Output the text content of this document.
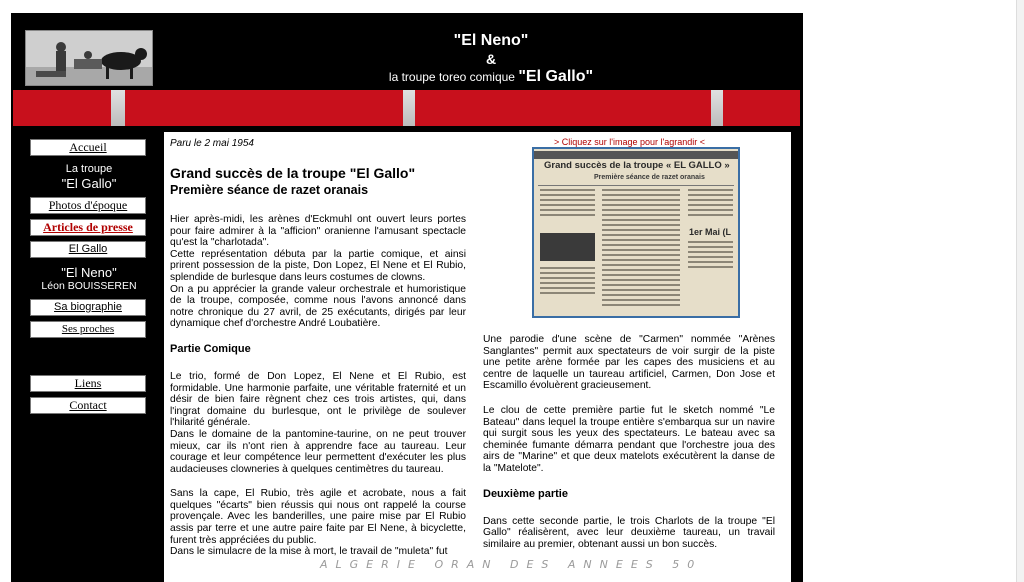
"El Neno"
&
la troupe toreo comique "El Gallo"
Accueil
La troupe
"El Gallo"
Photos d'époque
Articles de presse
El Gallo
"El Neno"
Léon BOUISSEREN
Sa biographie
Ses proches
Liens
Contact
Paru le 2 mai 1954
Grand succès de la troupe "El Gallo"
Première séance de razet oranais

Hier après-midi, les arènes d'Eckmuhl ont ouvert leurs portes pour faire admirer à la "afficion" oranienne l'amusant spectacle qu'est la "charlotada".

Cette représentation débuta par la partie comique, et ainsi prirent possession de la piste, Don Lopez, El Nene et El Rubio, splendide de burlesque dans leurs costumes de clowns.

On a pu apprécier la grande valeur orchestrale et humoristique de la troupe, composée, comme nous l'avons annoncé dans notre chronique du 27 avril, de 25 exécutants, dirigés par leur dynamique chef d'orchestre André Loubatière.

Partie Comique

Le trio, formé de Don Lopez, El Nene et El Rubio, est formidable. Une harmonie parfaite, une véritable fraternité et un désir de bien faire règnent chez ces trois artistes, qui, dans l'ingrat domaine du burlesque, ont le privilège de soulever l'hilarité générale.

Dans le domaine de la pantomine-taurine, on ne peut trouver mieux, car ils n'ont rien à apprendre face au taureau. Leur courage et leur compétence leur permettent d'exécuter les plus audacieuses clowneries à quelques centimètres du taureau.

Sans la cape, El Rubio, très agile et acrobate, nous a fait quelques "écarts" bien réussis qui nous ont rappelé la course provençale. Avec les banderilles, une paire mise par El Rubio assis par terre et une autre paire faite par El Nene, à bicyclette, furent très appréciées du public.

Dans le simulacre de la mise à mort, le travail de "muleta" fut

> Cliquez sur l'image pour l'agrandir <
Grand succès de la troupe « EL GALLO »
Première séance de razet oranais
1er Mai (L

Une parodie d'une scène de "Carmen" nommée "Arènes Sanglantes" permit aux spectateurs de voir surgir de la piste une petite arène formée par les capes des musiciens et au centre de laquelle un taureau artificiel, Carmen, Don Jose et Escamillo évoluèrent gracieusement.

Le clou de cette première partie fut le sketch nommé "Le Bateau" dans lequel la troupe entière s'embarqua sur un navire qui surgit sous les yeux des spectateurs. Le bateau avec sa cheminée fumante démarra pendant que l'orchestre joua des airs de "Marine" et que deux matelots exécutèrent la danse de la "Matelote".

Deuxième partie

Dans cette seconde partie, le trois Charlots de la troupe "El Gallo" réalisèrent, avec leur deuxième taureau, un travail similaire au premier, obtenant aussi un bon succès.

ALGERIE ORAN DES ANNEES 50
